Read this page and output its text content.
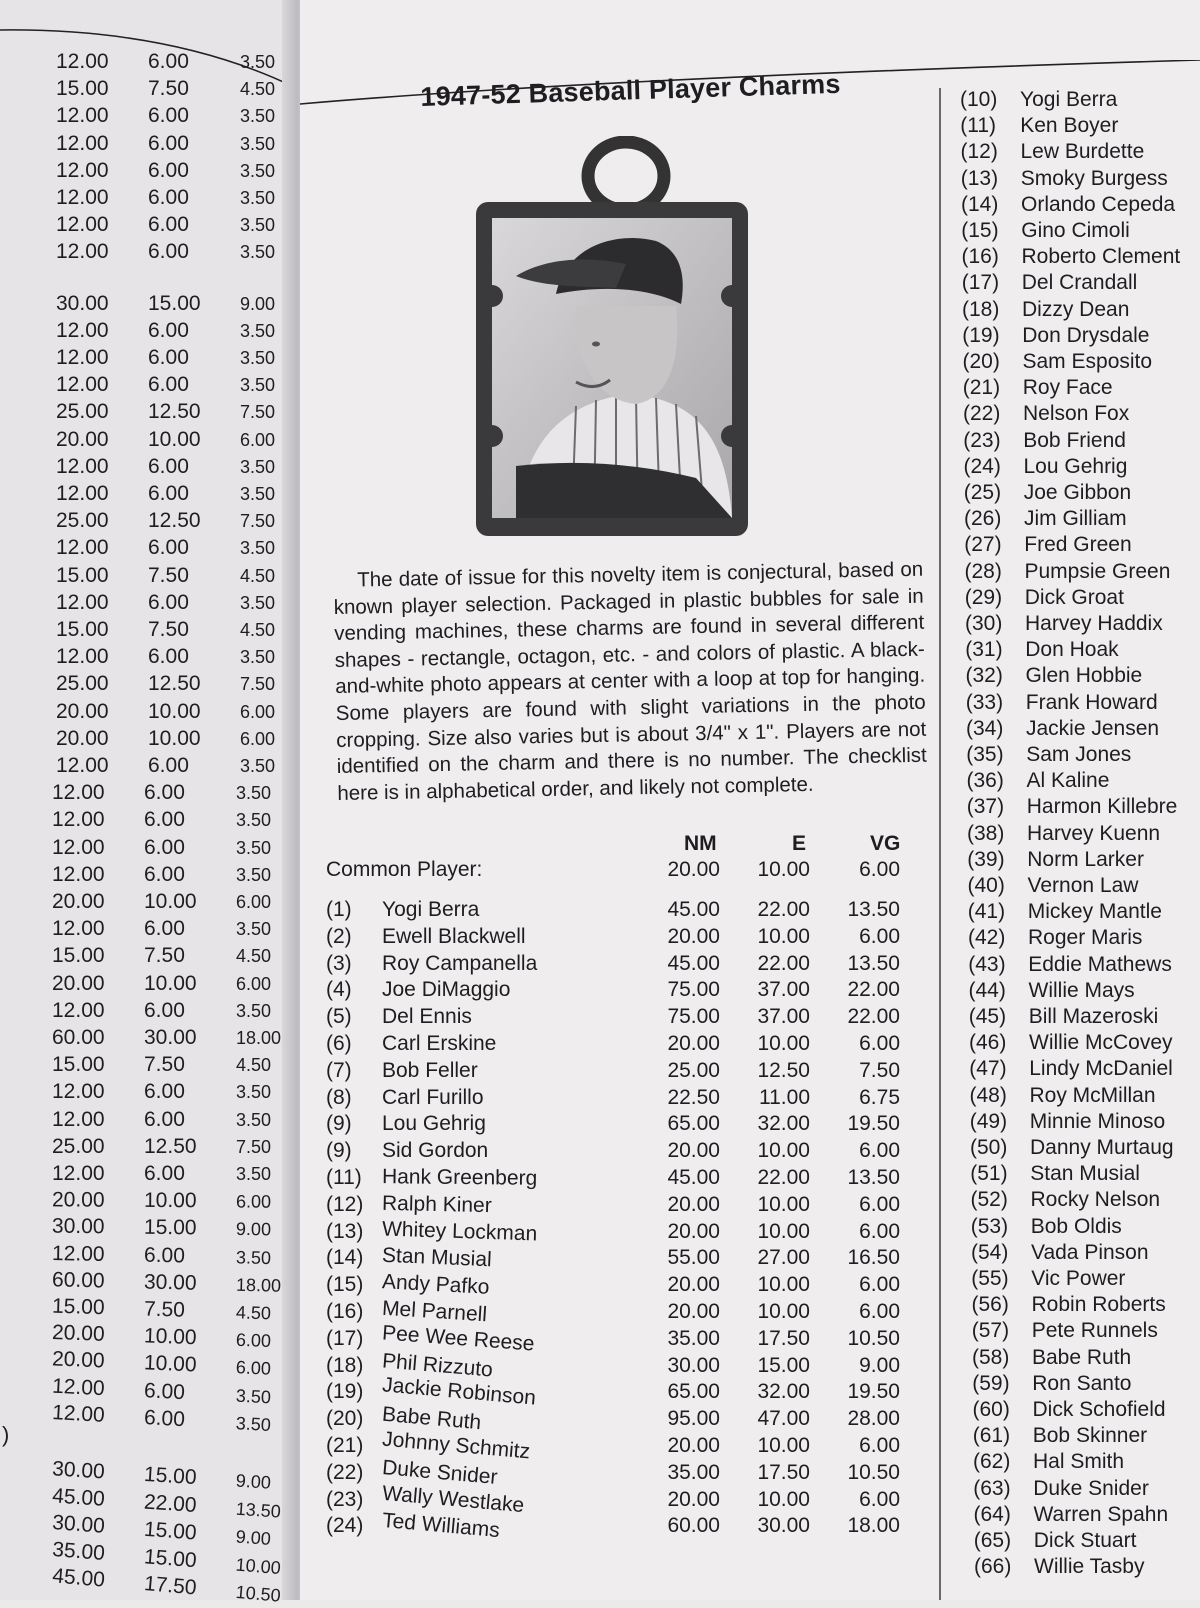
12.00 6.00	3.50
15.00 7.50	4.50
12.00 6.00	3.50
12.00 6.00	3.50
12.00 6.00	3.50
12.00 6.00	3.50
12.00 6.00	3.50
12.00 6.00	3.50
30.00 15.00 9.00
12.00 6.00	3.50
12.00 6.00	3.50
12.00 6.00	3.50
25.00 12.50 7.50
20.00 10.00 6.00
12.00 6.00	3.50
12.00 6.00	3.50
25.00 12.50 7.50
12.00 6.00	3.50
15.00 7.50	4.50
12.00 6.00	3.50
15.00 7.50	4.50
12.00 6.00	3.50
25.00 12.50 7.50
20.00 10.00 6.00
20.00 10.00 6.00
12.00 6.00	3.50
12.00 6.00	3.50
12.00 6.00	3.50
12.00 6.00	3.50
12.00 6.00	3.50
20.00 10.00 6.00
12.00 6.00	3.50
15.00 7.50	4.50
20.00 10.00 6.00
12.00 6.00	3.50
60.00 30.00 18.00
15.00 7.50	4.50
12.00 6.00	3.50
12.00 6.00	3.50
25.00 12.50 7.50
12.00 6.00	3.50
20.00 10.00 6.00
30.00 15.00 9.00
12.00 6.00	3.50
60.00 30.00 18.00
15.00 7.50	4.50
20.00 10.00 6.00
20.00 10.00 6.00
12.00 6.00	3.50
12.00 6.00	3.50
30.00 15.00 9.00
45.00 22.00 13.50
30.00 15.00 9.00
35.00 15.00 10.00
45.00 17.50 10.50
)
1947-52 Baseball Player Charms

The date of issue for this novelty item is conjectural, based on known player selection. Packaged in plastic bubbles for sale in vending machines, these charms are found in several different shapes - rectangle, octagon, etc. - and colors of plastic. A black-and-white photo appears at center with a loop at top for hanging. Some players are found with slight variations in the photo cropping. Size also varies but is about 3/4" x 1". Players are not identified on the charm and there is no number. The checklist here is in alphabetical order, and likely not complete.

NM	E	VG
Common Player:	20.00	10.00	6.00
(1) Yogi Berra	45.00	22.00	13.50
(2) Ewell Blackwell	20.00	10.00	6.00
(3) Roy Campanella	45.00	22.00	13.50
(4) Joe DiMaggio	75.00	37.00	22.00
(5) Del Ennis	75.00	37.00	22.00
(6) Carl Erskine	20.00	10.00	6.00
(7) Bob Feller	25.00	12.50	7.50
(8) Carl Furillo	22.50	11.00	6.75
(9) Lou Gehrig	65.00	32.00	19.50
(9) Sid Gordon	20.00	10.00	6.00
(11) Hank Greenberg	45.00	22.00	13.50
(12) Ralph Kiner	20.00	10.00	6.00
(13) Whitey Lockman	20.00	10.00	6.00
(14) Stan Musial	55.00	27.00	16.50
(15) Andy Pafko	20.00	10.00	6.00
(16) Mel Parnell	20.00	10.00	6.00
(17) Pee Wee Reese	35.00	17.50	10.50
(18) Phil Rizzuto	30.00	15.00	9.00
(19) Jackie Robinson	65.00	32.00	19.50
(20) Babe Ruth	95.00	47.00	28.00
(21) Johnny Schmitz	20.00	10.00	6.00
(22) Duke Snider	35.00	17.50	10.50
(23) Wally Westlake	20.00	10.00	6.00
(24) Ted Williams	60.00	30.00	18.00
(10) Yogi Berra
(11) Ken Boyer
(12) Lew Burdette
(13) Smoky Burgess
(14) Orlando Cepeda
(15) Gino Cimoli
(16) Roberto Clement
(17) Del Crandall
(18) Dizzy Dean
(19) Don Drysdale
(20) Sam Esposito
(21) Roy Face
(22) Nelson Fox
(23) Bob Friend
(24) Lou Gehrig
(25) Joe Gibbon
(26) Jim Gilliam
(27) Fred Green
(28) Pumpsie Green
(29) Dick Groat
(30) Harvey Haddix
(31) Don Hoak
(32) Glen Hobbie
(33) Frank Howard
(34) Jackie Jensen
(35) Sam Jones
(36) Al Kaline
(37) Harmon Killebre
(38) Harvey Kuenn
(39) Norm Larker
(40) Vernon Law
(41) Mickey Mantle
(42) Roger Maris
(43) Eddie Mathews
(44) Willie Mays
(45) Bill Mazeroski
(46) Willie McCovey
(47) Lindy McDaniel
(48) Roy McMillan
(49) Minnie Minoso
(50) Danny Murtaug
(51) Stan Musial
(52) Rocky Nelson
(53) Bob Oldis
(54) Vada Pinson
(55) Vic Power
(56) Robin Roberts
(57) Pete Runnels
(58) Babe Ruth
(59) Ron Santo
(60) Dick Schofield
(61) Bob Skinner
(62) Hal Smith
(63) Duke Snider
(64) Warren Spahn
(65) Dick Stuart
(66) Willie Tasby
